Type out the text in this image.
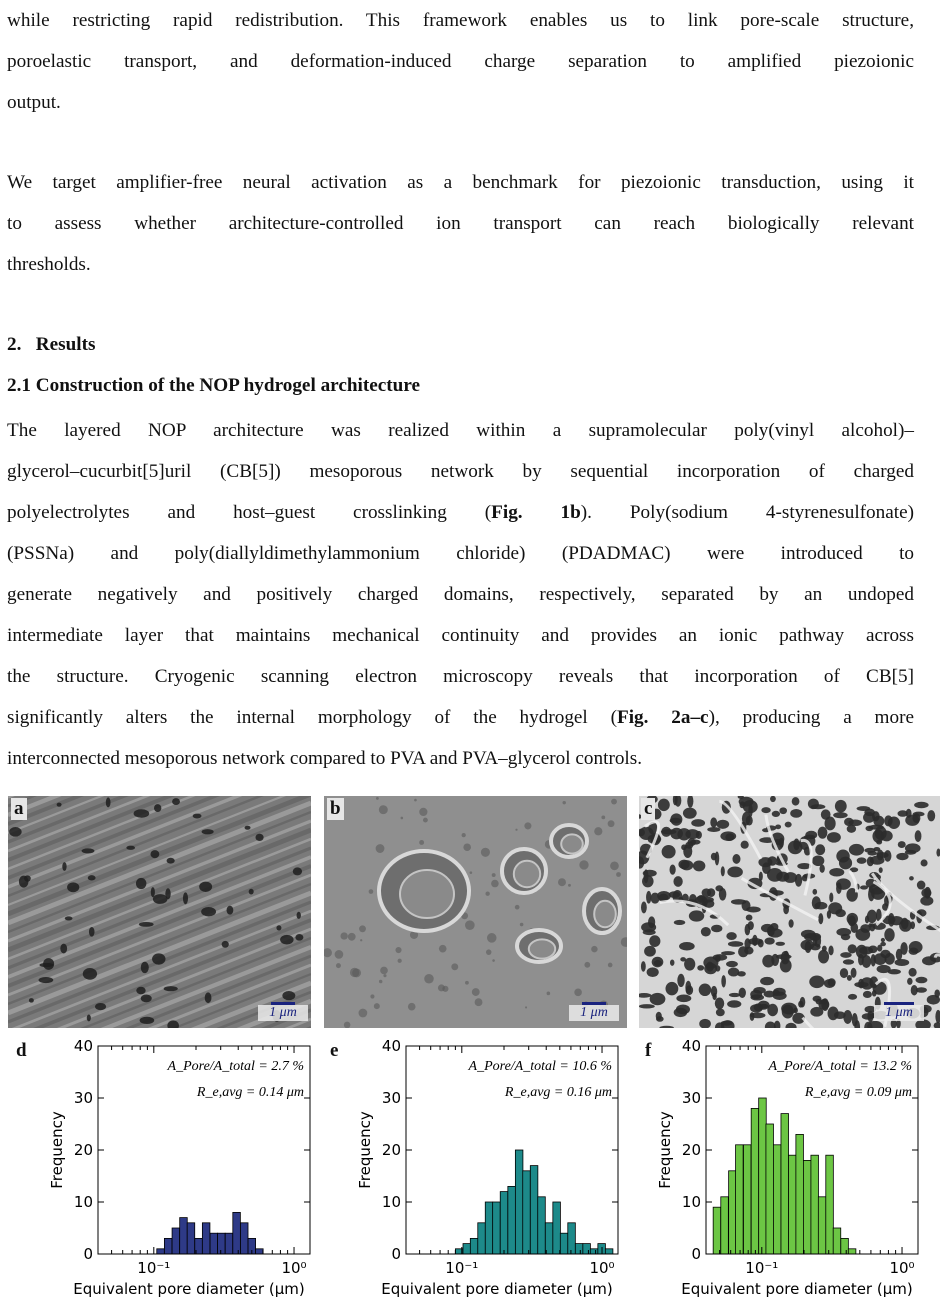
while restricting rapid redistribution. This framework enables us to link pore-scale structure,
poroelastic transport, and deformation-induced charge separation to amplified piezoionic
output.

We target amplifier-free neural activation as a benchmark for piezoionic transduction, using it
to assess whether architecture-controlled ion transport can reach biologically relevant
thresholds.

2.   Results
2.1 Construction of the NOP hydrogel architecture

The layered NOP architecture was realized within a supramolecular poly(vinyl alcohol)–
glycerol–cucurbit[5]uril (CB[5]) mesoporous network by sequential incorporation of charged
polyelectrolytes and host–guest crosslinking (Fig. 1b). Poly(sodium 4-styrenesulfonate)
(PSSNa) and poly(diallyldimethylammonium chloride) (PDADMAC) were introduced to
generate negatively and positively charged domains, respectively, separated by an undoped
intermediate layer that maintains mechanical continuity and provides an ionic pathway across
the structure. Cryogenic scanning electron microscopy reveals that incorporation of CB[5]
significantly alters the internal morphology of the hydrogel (Fig. 2a–c), producing a more
interconnected mesoporous network compared to PVA and PVA–glycerol controls.

a
1 μm
b
1 μm
c
1 μm
d	e	f
0
10
20
30
40
10⁻¹	10⁰
Equivalent pore diameter (μm)
Frequency
A_Pore/A_total = 2.7 %
R_e,avg = 0.14 μm
0
10
20
30
40
10⁻¹	10⁰
Equivalent pore diameter (μm)
Frequency
A_Pore/A_total = 10.6 %
R_e,avg = 0.16 μm
0
10
20
30
40
10⁻¹	10⁰
Equivalent pore diameter (μm)
Frequency
A_Pore/A_total = 13.2 %
R_e,avg = 0.09 μm
